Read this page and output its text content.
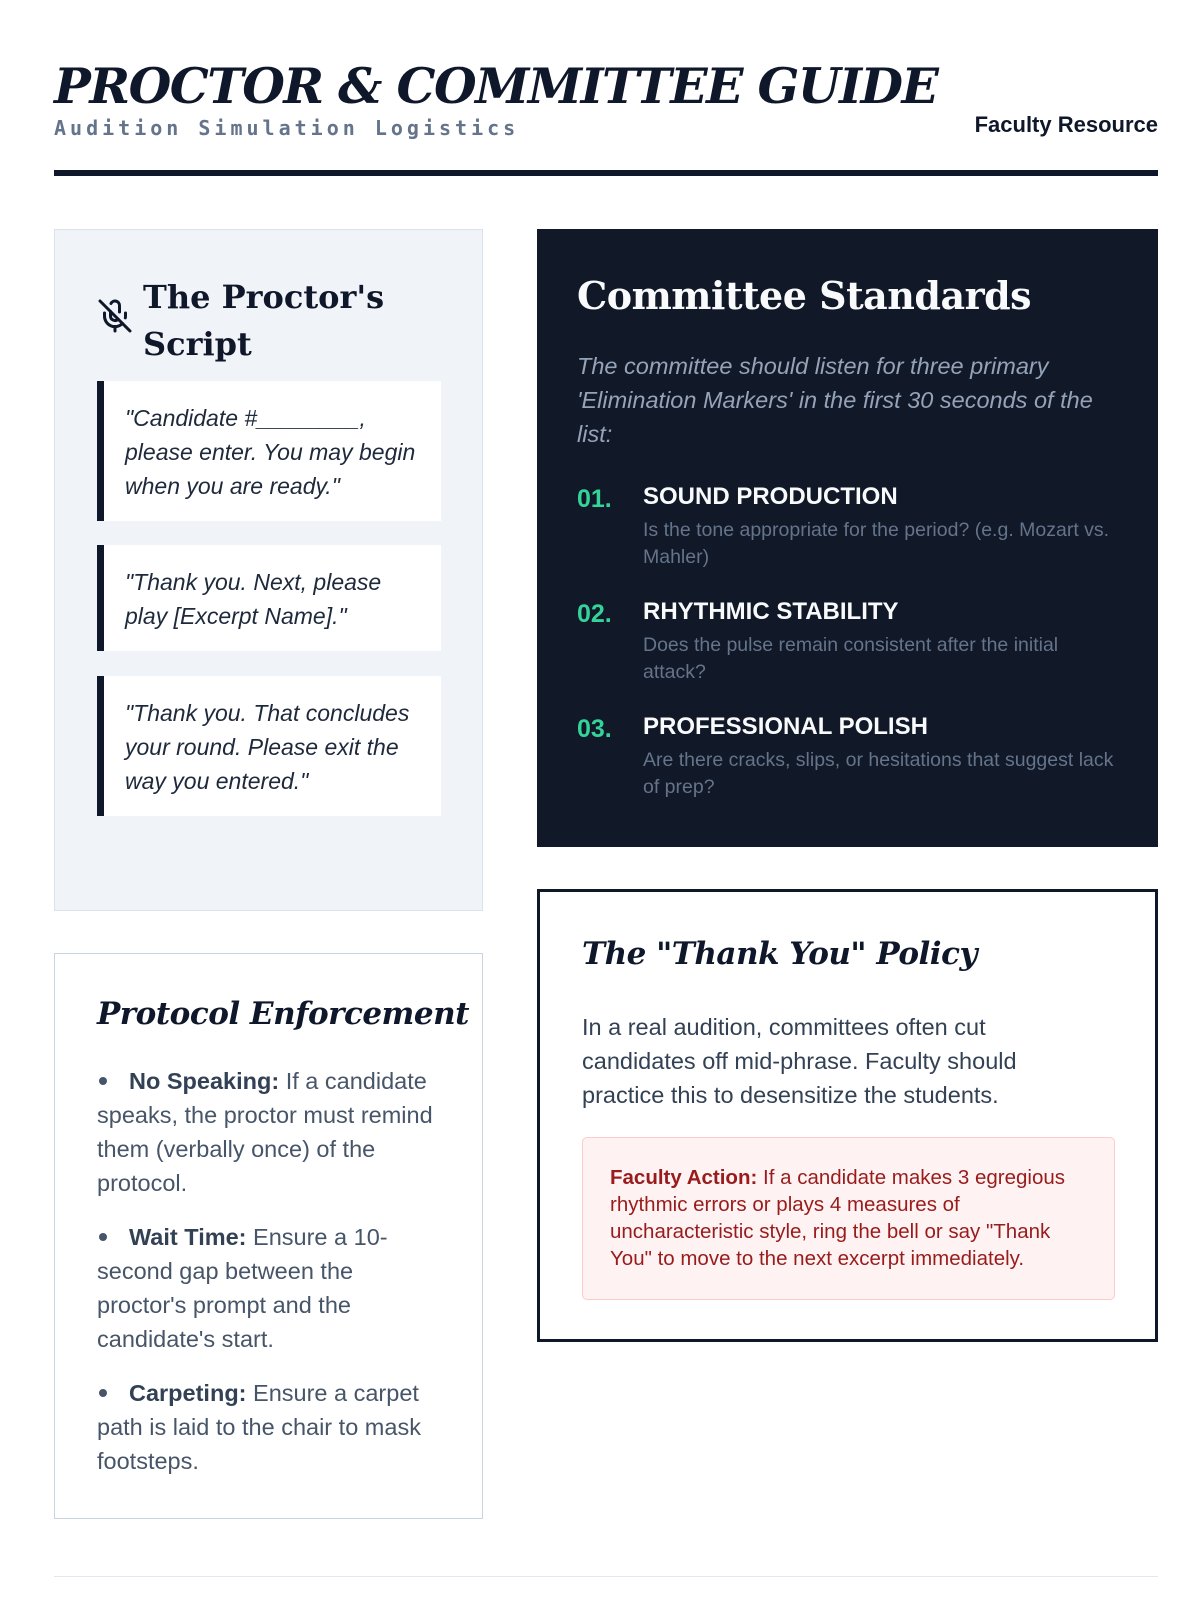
PROCTOR & COMMITTEE GUIDE
Audition Simulation Logistics	Faculty Resource
The Proctor's Script
"Candidate #________, please enter. You may begin when you are ready."
"Thank you. Next, please play [Excerpt Name]."
"Thank you. That concludes your round. Please exit the way you entered."
Protocol Enforcement
No Speaking: If a candidate speaks, the proctor must remind them (verbally once) of the protocol.
Wait Time: Ensure a 10-second gap between the proctor's prompt and the candidate's start.
Carpeting: Ensure a carpet path is laid to the chair to mask footsteps.
Committee Standards

The committee should listen for three primary 'Elimination Markers' in the first 30 seconds of the list:

01. SOUND PRODUCTION

Is the tone appropriate for the period? (e.g. Mozart vs. Mahler)

02. RHYTHMIC STABILITY

Does the pulse remain consistent after the initial attack?

03. PROFESSIONAL POLISH

Are there cracks, slips, or hesitations that suggest lack of prep?

The "Thank You" Policy

In a real audition, committees often cut candidates off mid-phrase. Faculty should practice this to desensitize the students.

Faculty Action: If a candidate makes 3 egregious rhythmic errors or plays 4 measures of uncharacteristic style, ring the bell or say "Thank You" to move to the next excerpt immediately.
